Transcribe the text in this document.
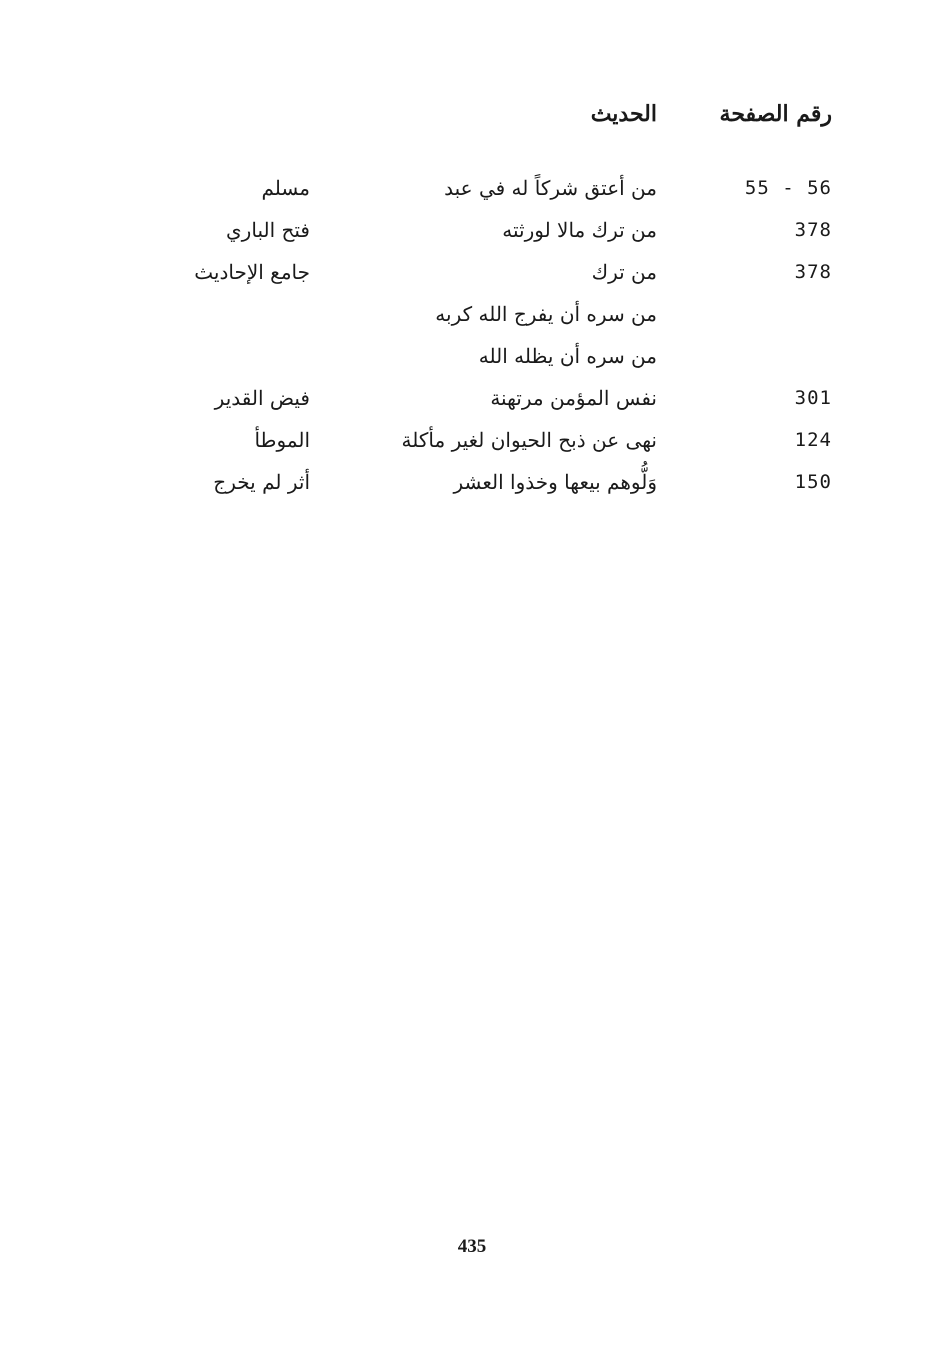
رقم الصفحة
الحديث
55 - 56
من أعتق شركاً له في عبد
مسلم
378
من ترك مالا لورثته
فتح الباري
378
من ترك
جامع الإحاديث
من سره أن يفرج الله كربه
من سره أن يظله الله
301
نفس المؤمن مرتهنة
فيض القدير
124
نهى عن ذبح الحيوان لغير مأكلة
الموطأ
150
وَلُّوهم بيعها وخذوا العشر
أثر لم يخرج
435
